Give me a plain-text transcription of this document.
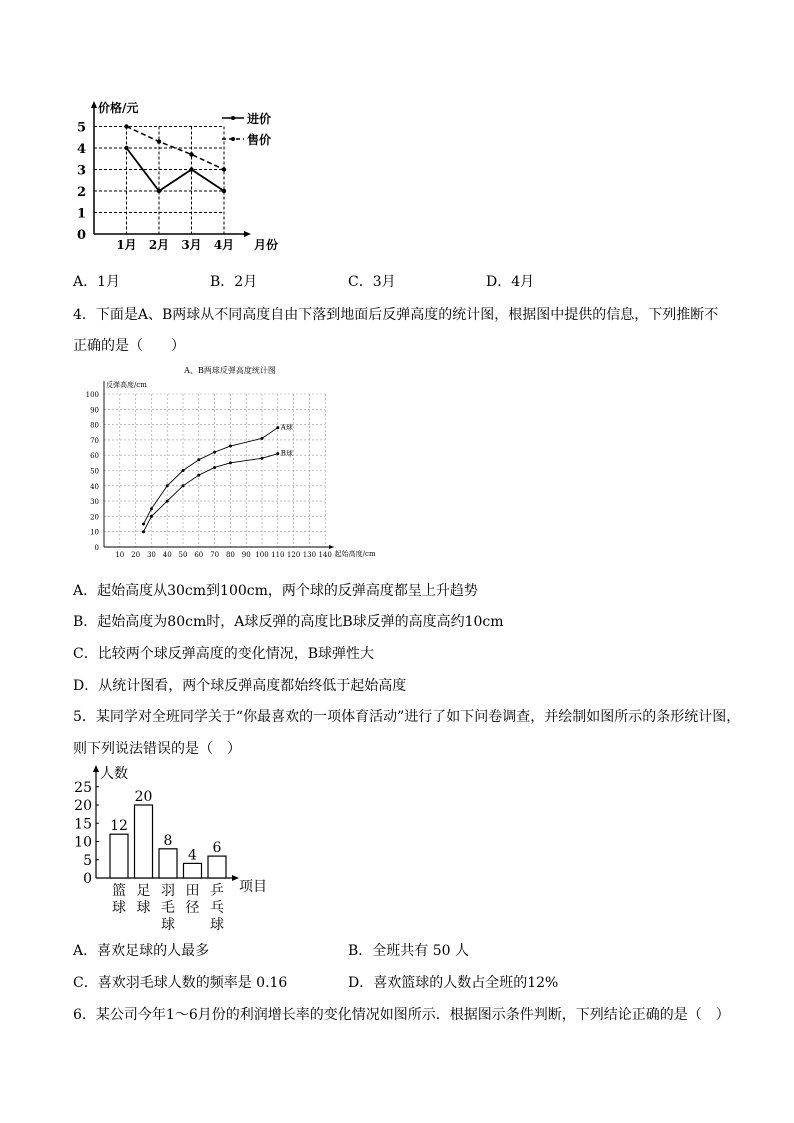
0
1
2
3
4
5
价格/元
1月 2月 3月 4月 月份
进价
售价
A．1月	B．2月	C．3月	D．4月
4．下面是A、B两球从不同高度自由下落到地面后反弹高度的统计图，根据图中提供的信息，下列推断不
正确的是（　　）
A、B两球反弹高度统计图
反弹高度/cm
起始高度/cm
0
10
20
30
40
50
60
70
80
90
100
10 20 30 40 50 60 70 80 90 100 110 120 130 140
A球
B球
A．起始高度从30cm到100cm，两个球的反弹高度都呈上升趋势
B．起始高度为80cm时，A球反弹的高度比B球反弹的高度高约10cm
C．比较两个球反弹高度的变化情况，B球弹性大
D．从统计图看，两个球反弹高度都始终低于起始高度
5．某同学对全班同学关于“你最喜欢的一项体育活动”进行了如下问卷调查，并绘制如图所示的条形统计图，
则下列说法错误的是（　）
人数
项目
0
5
10
15
20
25
12
篮
球
20
足
球
8
羽
毛
球
4
田
径
6
乒
乓
球
A．喜欢足球的人最多	B．全班共有 50 人
C．喜欢羽毛球人数的频率是 0.16	D．喜欢篮球的人数占全班的12%
6．某公司今年1～6月份的利润增长率的变化情况如图所示．根据图示条件判断，下列结论正确的是（　）
